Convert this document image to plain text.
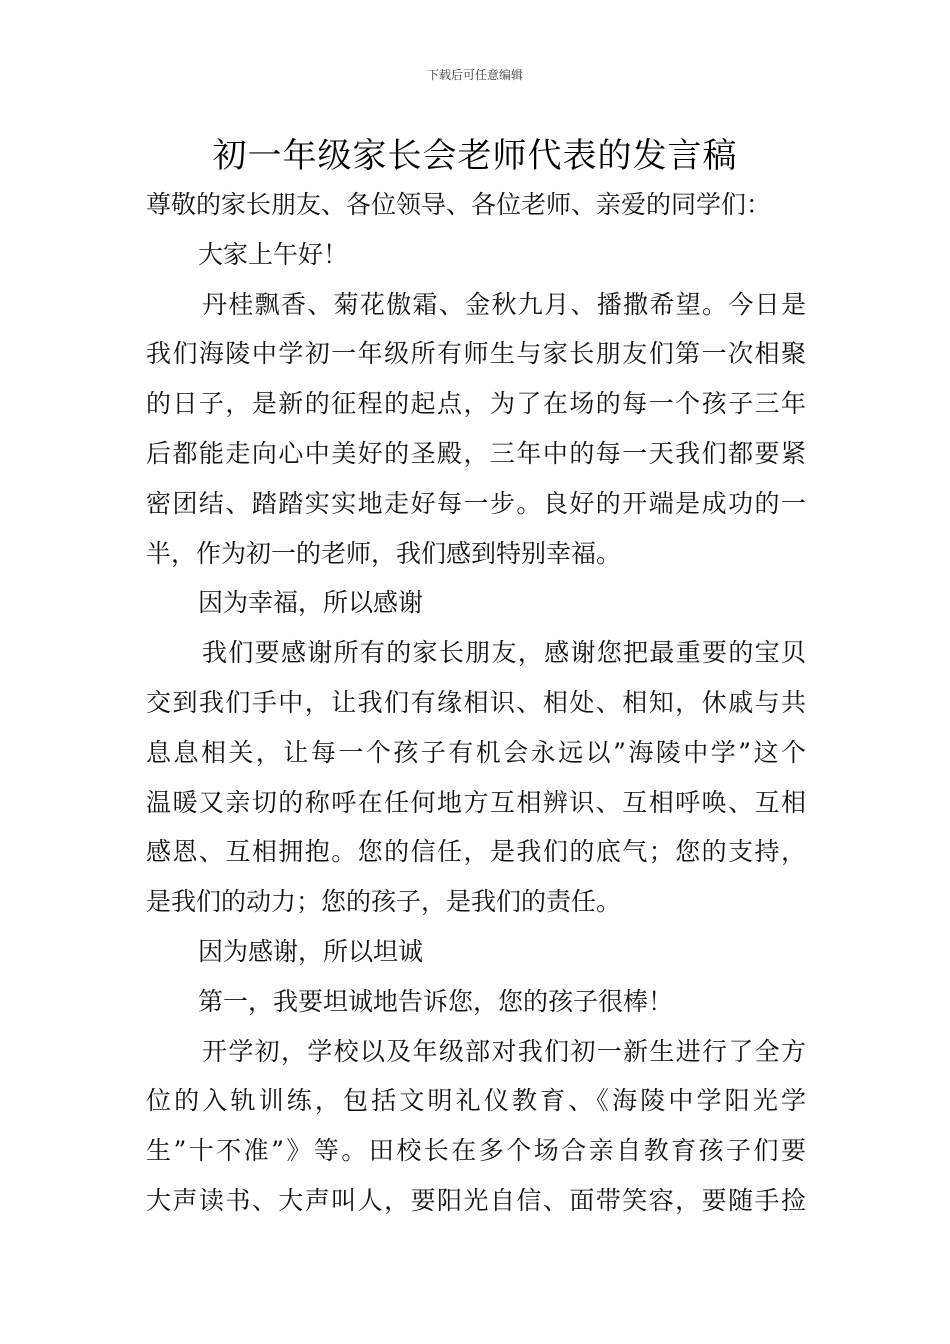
下载后可任意编辑
初一年级家长会老师代表的发言稿
尊敬的家长朋友、各位领导、各位老师、亲爱的同学们：
大家上午好！
丹桂飘香、菊花傲霜、金秋九月、播撒希望。今日是
我们海陵中学初一年级所有师生与家长朋友们第一次相聚
的日子，是新的征程的起点，为了在场的每一个孩子三年
后都能走向心中美好的圣殿，三年中的每一天我们都要紧
密团结、踏踏实实地走好每一步。良好的开端是成功的一
半，作为初一的老师，我们感到特别幸福。
因为幸福，所以感谢
我们要感谢所有的家长朋友，感谢您把最重要的宝贝
交到我们手中，让我们有缘相识、相处、相知，休戚与共
息息相关，让每一个孩子有机会永远以”海陵中学”这个
温暖又亲切的称呼在任何地方互相辨识、互相呼唤、互相
感恩、互相拥抱。您的信任，是我们的底气；您的支持，
是我们的动力；您的孩子，是我们的责任。
因为感谢，所以坦诚
第一，我要坦诚地告诉您，您的孩子很棒！
开学初，学校以及年级部对我们初一新生进行了全方
位的入轨训练，包括文明礼仪教育、《海陵中学阳光学
生”十不准”》等。田校长在多个场合亲自教育孩子们要
大声读书、大声叫人，要阳光自信、面带笑容，要随手捡
